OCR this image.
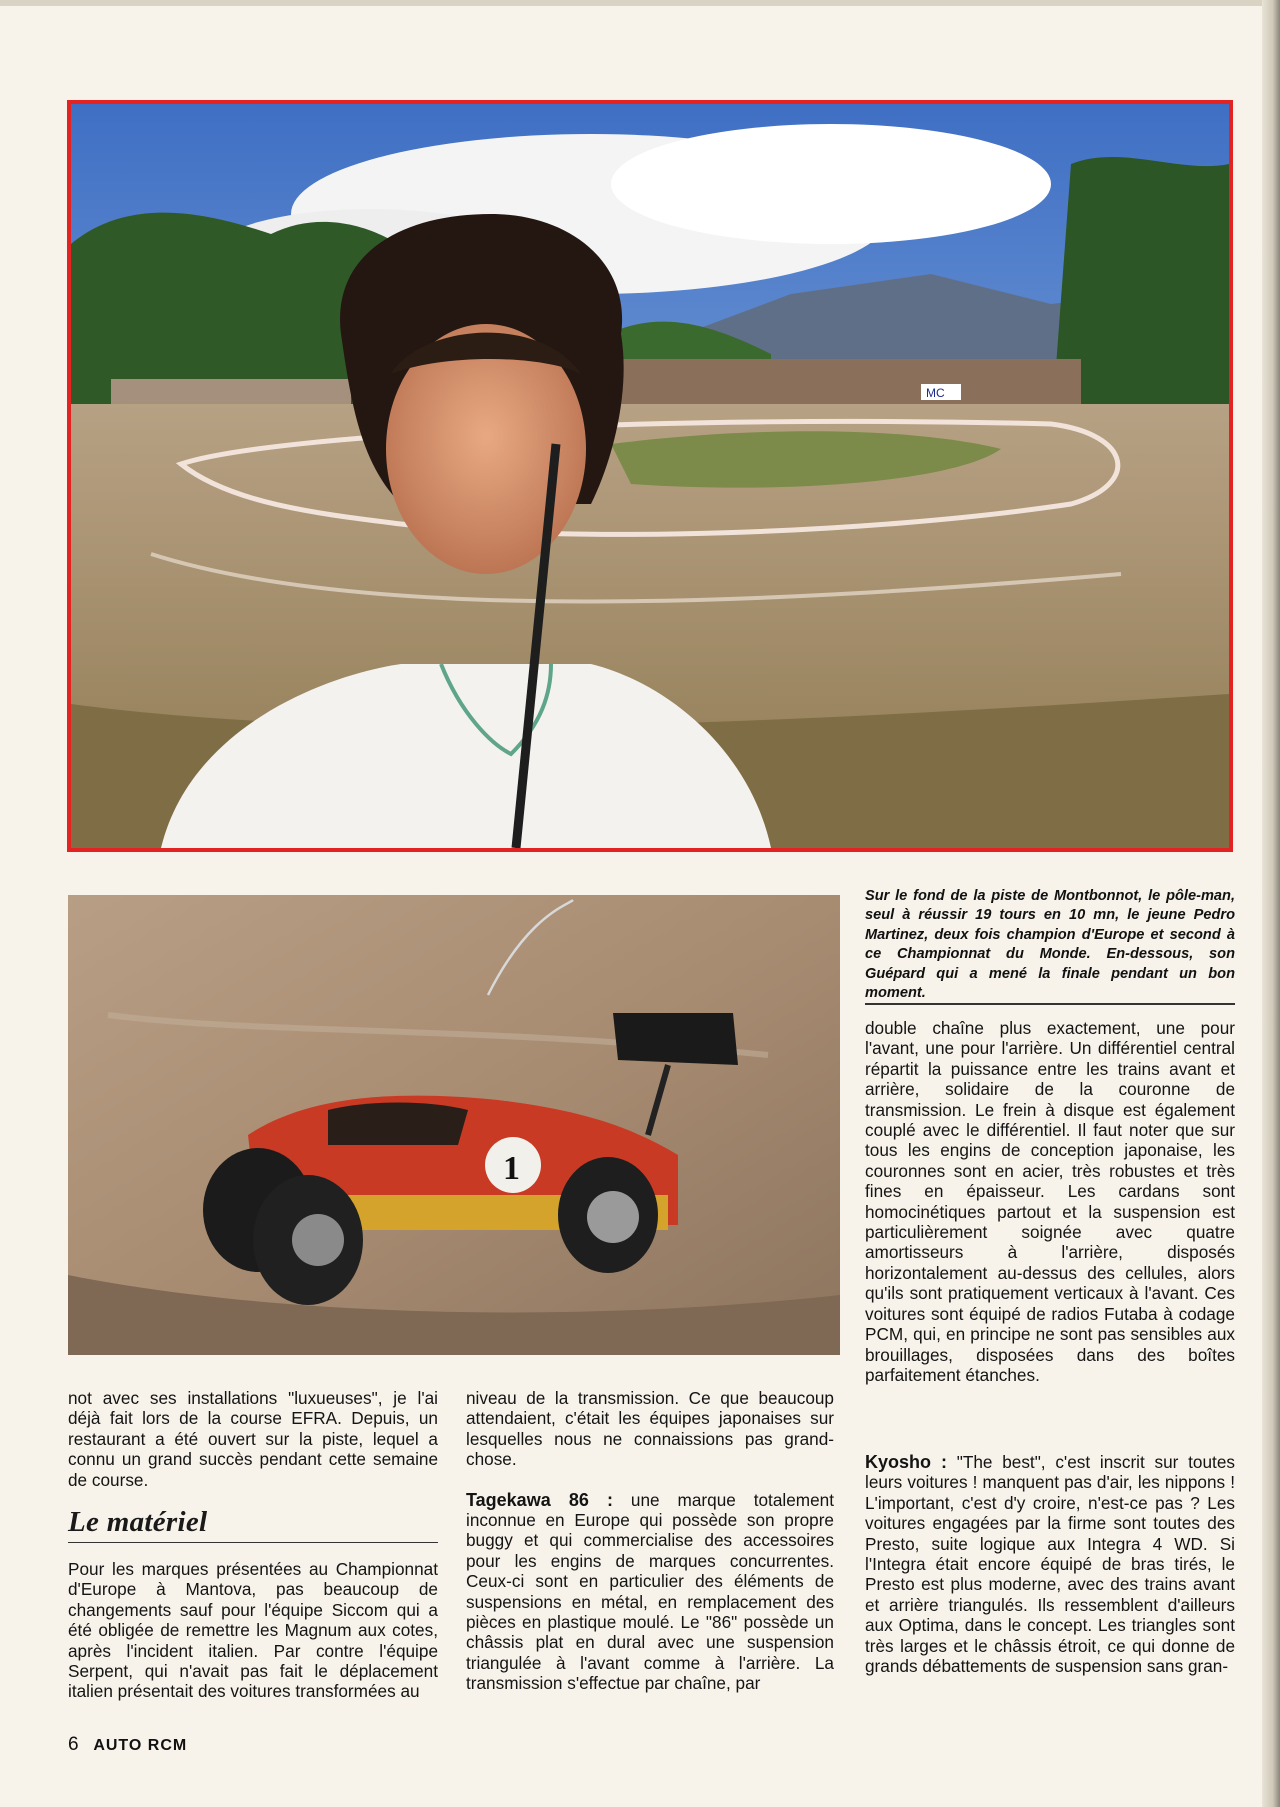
MC
1
Sur le fond de la piste de Montbonnot, le pôle-man, seul à réussir 19 tours en 10 mn, le jeune Pedro Martinez, deux fois champion d'Europe et second à ce Championnat du Monde. En-dessous, son Guépard qui a mené la finale pendant un bon moment.

double chaîne plus exactement, une pour l'avant, une pour l'arrière. Un différentiel central répartit la puissance entre les trains avant et arrière, solidaire de la couronne de transmission. Le frein à disque est également couplé avec le différentiel. Il faut noter que sur tous les engins de conception japonaise, les couronnes sont en acier, très robustes et très fines en épaisseur. Les cardans sont homocinétiques partout et la suspension est particulièrement soignée avec quatre amortisseurs à l'arrière, disposés horizontalement au-dessus des cellules, alors qu'ils sont pratiquement verticaux à l'avant. Ces voitures sont équipé de radios Futaba à codage PCM, qui, en principe ne sont pas sensibles aux brouillages, disposées dans des boîtes parfaitement étanches.

Kyosho : "The best", c'est inscrit sur toutes leurs voitures ! manquent pas d'air, les nippons ! L'important, c'est d'y croire, n'est-ce pas ? Les voitures engagées par la firme sont toutes des Presto, suite logique aux Integra 4 WD. Si l'Integra était encore équipé de bras tirés, le Presto est plus moderne, avec des trains avant et arrière triangulés. Ils ressemblent d'ailleurs aux Optima, dans le concept. Les triangles sont très larges et le châssis étroit, ce qui donne de grands débattements de suspension sans gran-

not avec ses installations "luxueuses", je l'ai déjà fait lors de la course EFRA. Depuis, un restaurant a été ouvert sur la piste, lequel a connu un grand succès pendant cette semaine de course.

Le matériel

Pour les marques présentées au Championnat d'Europe à Mantova, pas beaucoup de changements sauf pour l'équipe Siccom qui a été obligée de remettre les Magnum aux cotes, après l'incident italien. Par contre l'équipe Serpent, qui n'avait pas fait le déplacement italien présentait des voitures transformées au

niveau de la transmission. Ce que beaucoup attendaient, c'était les équipes japonaises sur lesquelles nous ne connaissions pas grand-chose.

Tagekawa 86 : une marque totalement inconnue en Europe qui possède son propre buggy et qui commercialise des accessoires pour les engins de marques concurrentes. Ceux-ci sont en particulier des éléments de suspensions en métal, en remplacement des pièces en plastique moulé. Le "86" possède un châssis plat en dural avec une suspension triangulée à l'avant comme à l'arrière. La transmission s'effectue par chaîne, par

6 AUTO RCM
